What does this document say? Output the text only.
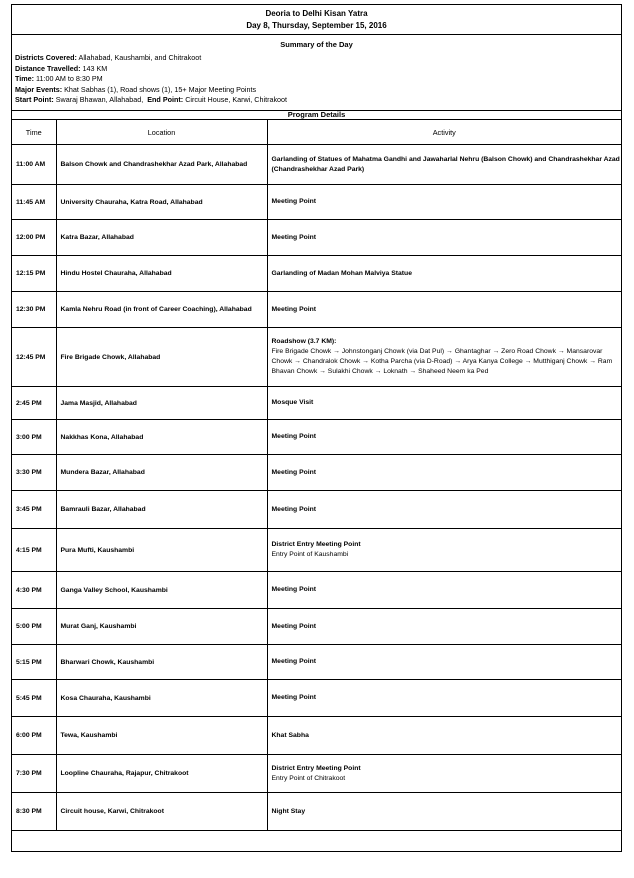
Deoria to Delhi Kisan Yatra
Day 8, Thursday, September 15, 2016
Summary of the Day
Districts Covered: Allahabad, Kaushambi, and Chitrakoot
Distance Travelled: 143 KM
Time: 11:00 AM to 8:30 PM
Major Events: Khat Sabhas (1), Road shows (1), 15+ Major Meeting Points
Start Point: Swaraj Bhawan, Allahabad, End Point: Circuit House, Karwi, Chitrakoot
Program Details
Time	Location	Activity
11:00 AM	Balson Chowk and Chandrashekhar Azad Park, Allahabad	Garlanding of Statues of Mahatma Gandhi and Jawaharlal Nehru (Balson Chowk) and Chandrashekhar Azad (Chandrashekhar Azad Park)

11:45 AM	University Chauraha, Katra Road, Allahabad	Meeting Point

12:00 PM	Katra Bazar, Allahabad	Meeting Point

12:15 PM	Hindu Hostel Chauraha, Allahabad	Garlanding of Madan Mohan Malviya Statue

12:30 PM	Kamla Nehru Road (in front of Career Coaching), Allahabad	Meeting Point

12:45 PM	Fire Brigade Chowk, Allahabad	Roadshow (3.7 KM):
Fire Brigade Chowk → Johnstonganj Chowk (via Dat Pul) → Ghantaghar → Zero Road Chowk → Mansarovar Chowk → Chandralok Chowk → Kotha Parcha (via D-Road) → Arya Kanya College → Mutthiganj Chowk → Ram Bhavan Chowk → Sulakhi Chowk → Loknath → Shaheed Neem ka Ped

2:45 PM	Jama Masjid, Allahabad	Mosque Visit

3:00 PM	Nakkhas Kona, Allahabad	Meeting Point

3:30 PM	Mundera Bazar, Allahabad	Meeting Point

3:45 PM	Bamrauli Bazar, Allahabad	Meeting Point

4:15 PM	Pura Mufti, Kaushambi	District Entry Meeting Point
Entry Point of Kaushambi

4:30 PM	Ganga Valley School, Kaushambi	Meeting Point

5:00 PM	Murat Ganj, Kaushambi	Meeting Point

5:15 PM	Bharwari Chowk, Kaushambi	Meeting Point

5:45 PM	Kosa Chauraha, Kaushambi	Meeting Point

6:00 PM	Tewa, Kaushambi	Khat Sabha

7:30 PM	Loopline Chauraha, Rajapur, Chitrakoot	District Entry Meeting Point
Entry Point of Chitrakoot

8:30 PM	Circuit house, Karwi, Chitrakoot	Night Stay
